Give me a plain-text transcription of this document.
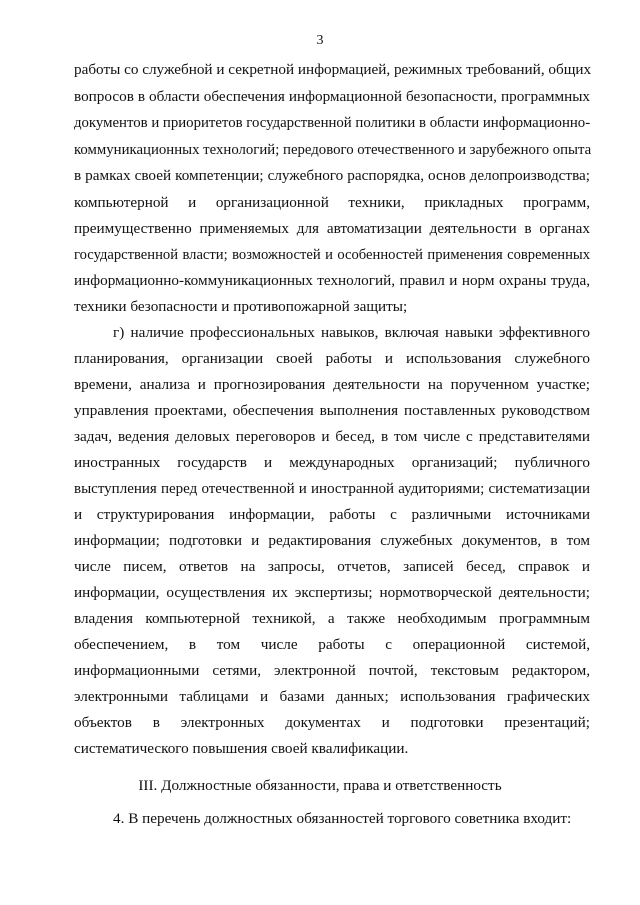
3
работы со служебной и секретной информацией, режимных требований, общих
вопросов в области обеспечения информационной безопасности, программных
документов и приоритетов государственной политики в области информационно-
коммуникационных технологий; передового отечественного и зарубежного опыта
в рамках своей компетенции; служебного распорядка, основ делопроизводства;
компьютерной и организационной техники, прикладных программ,
преимущественно применяемых для автоматизации деятельности в органах
государственной власти; возможностей и особенностей применения современных
информационно-коммуникационных технологий, правил и норм охраны труда,
техники безопасности и противопожарной защиты;
г) наличие профессиональных навыков, включая навыки эффективного
планирования, организации своей работы и использования служебного
времени, анализа и прогнозирования деятельности на порученном участке;
управления проектами, обеспечения выполнения поставленных руководством
задач, ведения деловых переговоров и бесед, в том числе с представителями
иностранных государств и международных организаций; публичного
выступления перед отечественной и иностранной аудиториями; систематизации
и структурирования информации, работы с различными источниками
информации; подготовки и редактирования служебных документов, в том
числе писем, ответов на запросы, отчетов, записей бесед, справок и
информации, осуществления их экспертизы; нормотворческой деятельности;
владения компьютерной техникой, а также необходимым программным
обеспечением, в том числе работы с операционной системой,
информационными сетями, электронной почтой, текстовым редактором,
электронными таблицами и базами данных; использования графических
объектов в электронных документах и подготовки презентаций;
систематического повышения своей квалификации.
III. Должностные обязанности, права и ответственность
4. В перечень должностных обязанностей торгового советника входит:
